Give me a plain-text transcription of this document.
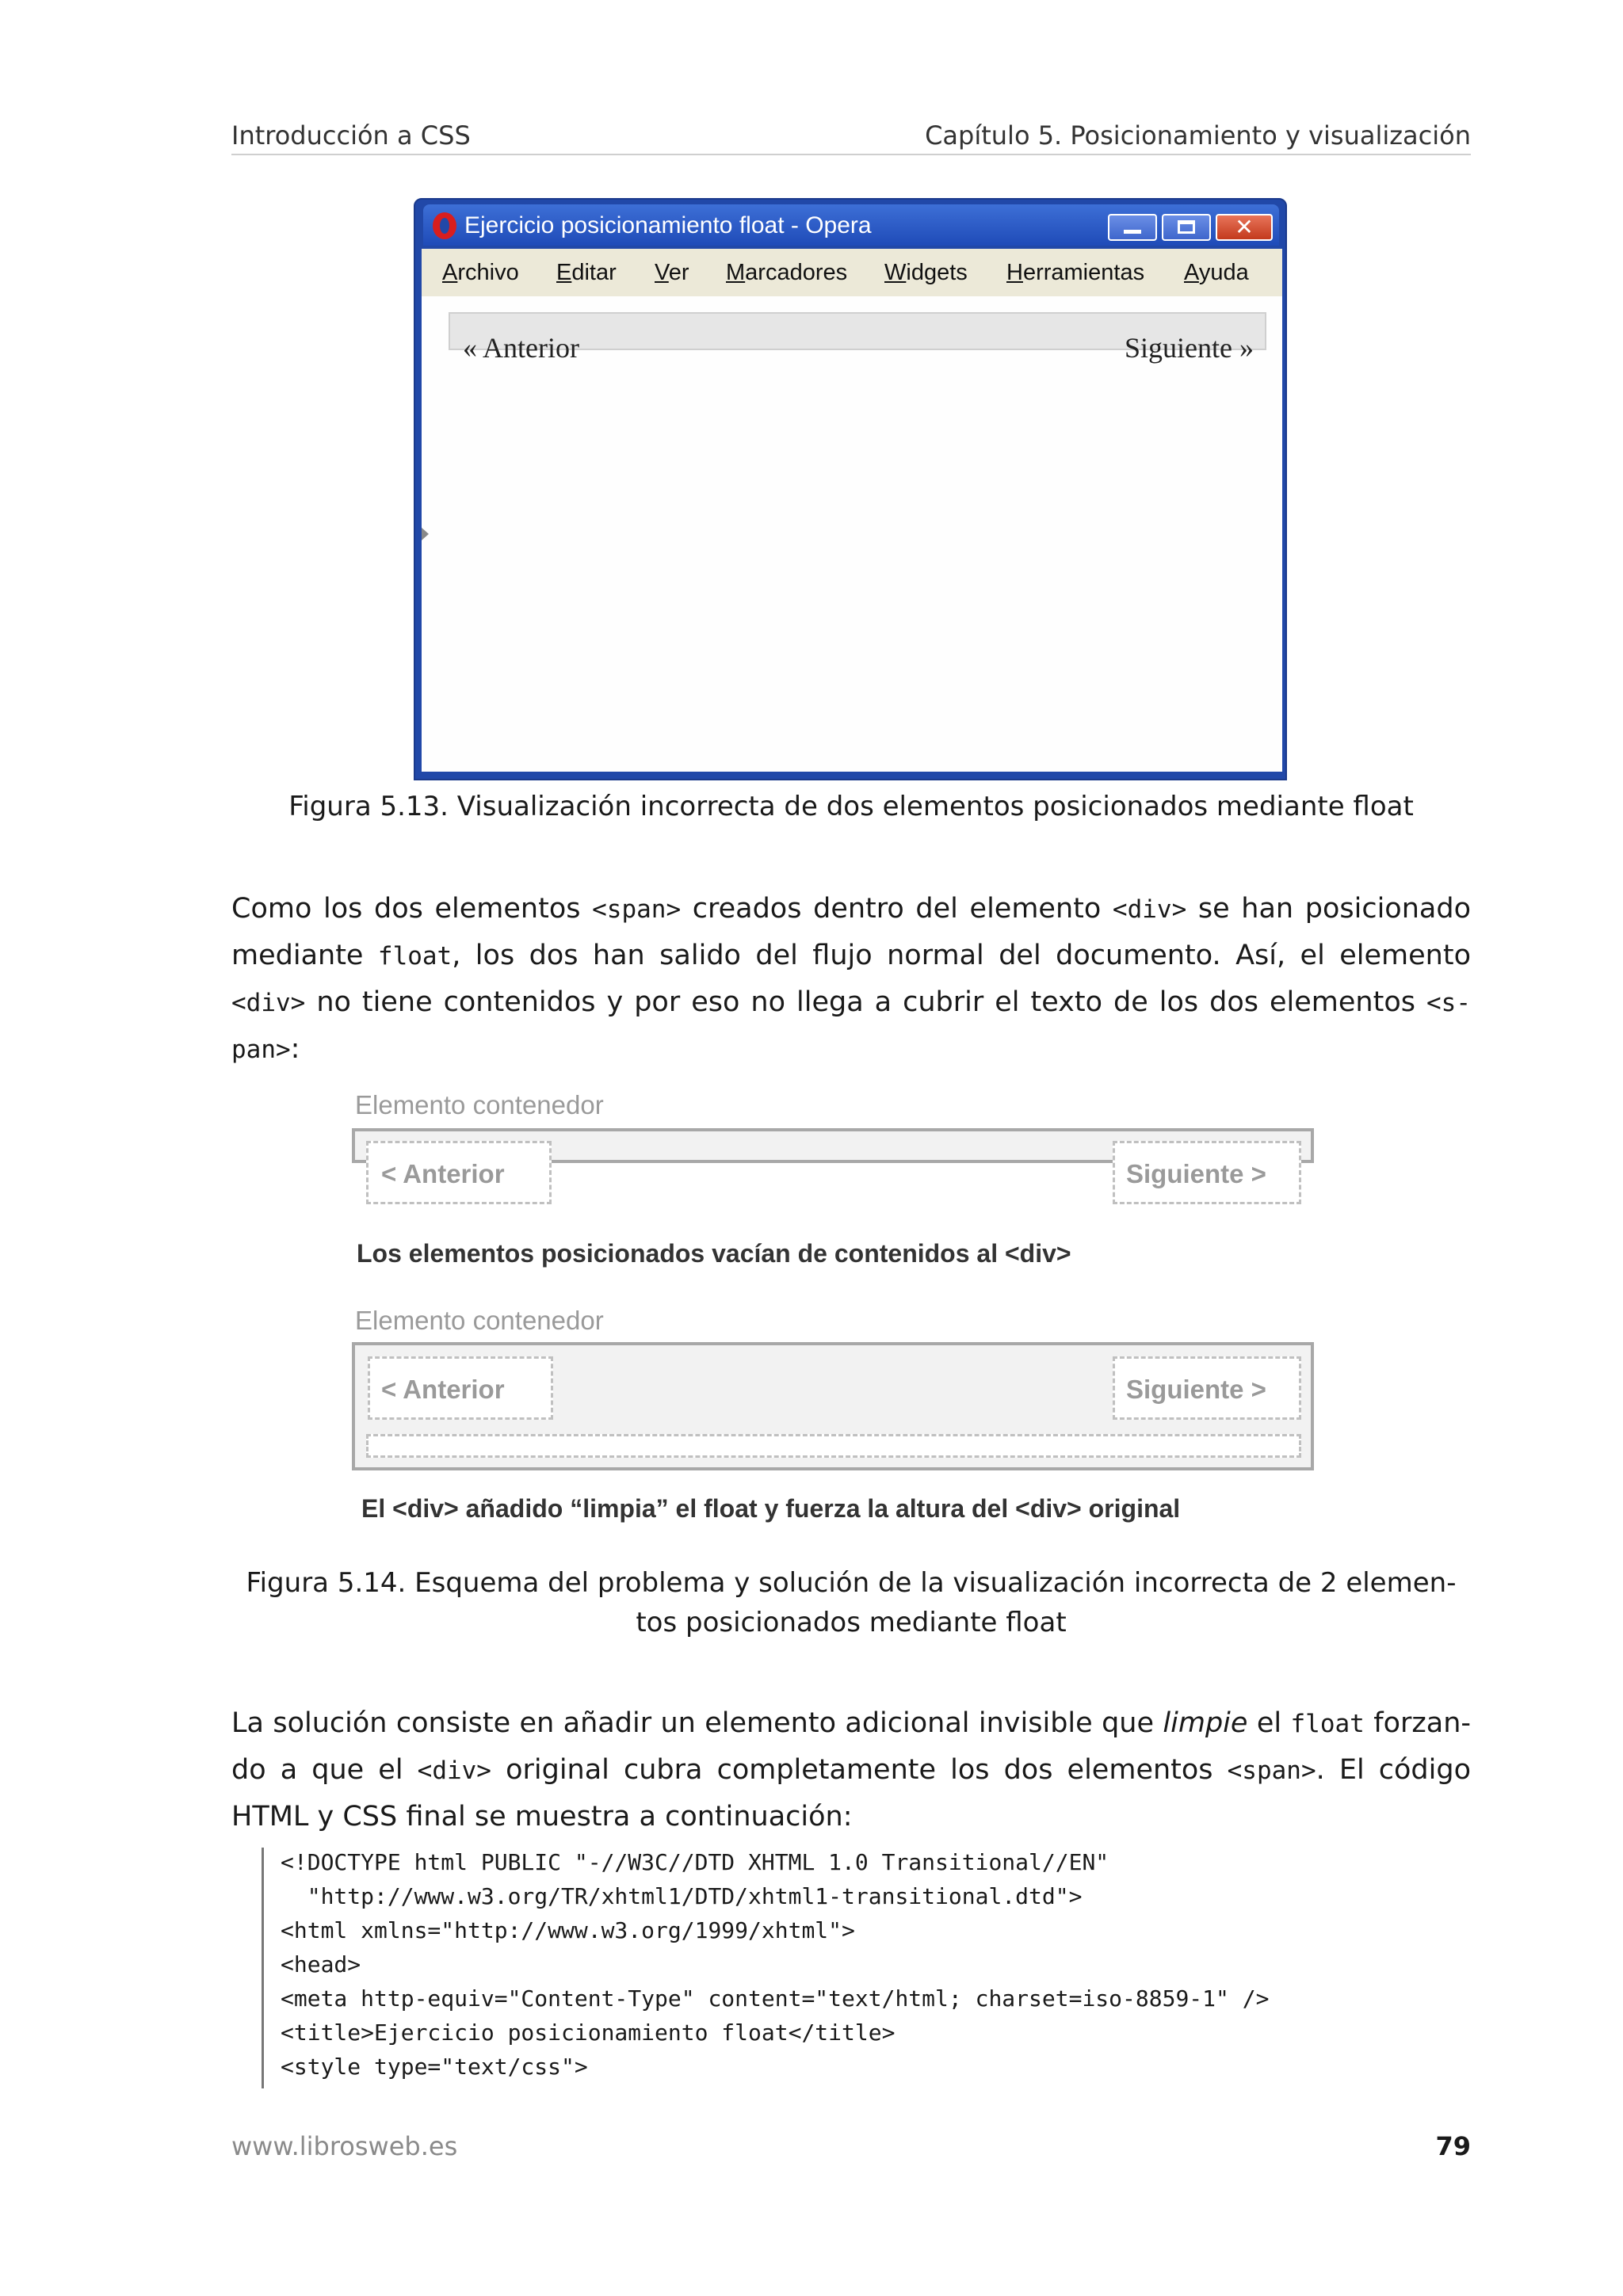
Introducción a CSS	Capítulo 5. Posicionamiento y visualización
Ejercicio posicionamiento float - Opera	✕
Archivo Editar Ver Marcadores Widgets Herramientas Ayuda
« Anterior	Siguiente »
Figura 5.13. Visualización incorrecta de dos elementos posicionados mediante float
Como los dos elementos <span> creados dentro del elemento <div> se han posicionado
mediante float, los dos han salido del flujo normal del documento. Así, el elemento
<div> no tiene contenidos y por eso no llega a cubrir el texto de los dos elementos <s-
pan>:
Elemento contenedor
< Anterior	Siguiente >
Los elementos posicionados vacían de contenidos al <div>
Elemento contenedor
< Anterior	Siguiente >
El <div> añadido “limpia” el float y fuerza la altura del <div> original
Figura 5.14. Esquema del problema y solución de la visualización incorrecta de 2 elemen-
tos posicionados mediante float
La solución consiste en añadir un elemento adicional invisible que limpie el float forzan-
do a que el <div> original cubra completamente los dos elementos <span>. El código
HTML y CSS final se muestra a continuación:
<!DOCTYPE html PUBLIC "-//W3C//DTD XHTML 1.0 Transitional//EN"
"http://www.w3.org/TR/xhtml1/DTD/xhtml1-transitional.dtd">
<html xmlns="http://www.w3.org/1999/xhtml">
<head>
<meta http-equiv="Content-Type" content="text/html; charset=iso-8859-1" />
<title>Ejercicio posicionamiento float</title>
<style type="text/css">
www.librosweb.es	79
